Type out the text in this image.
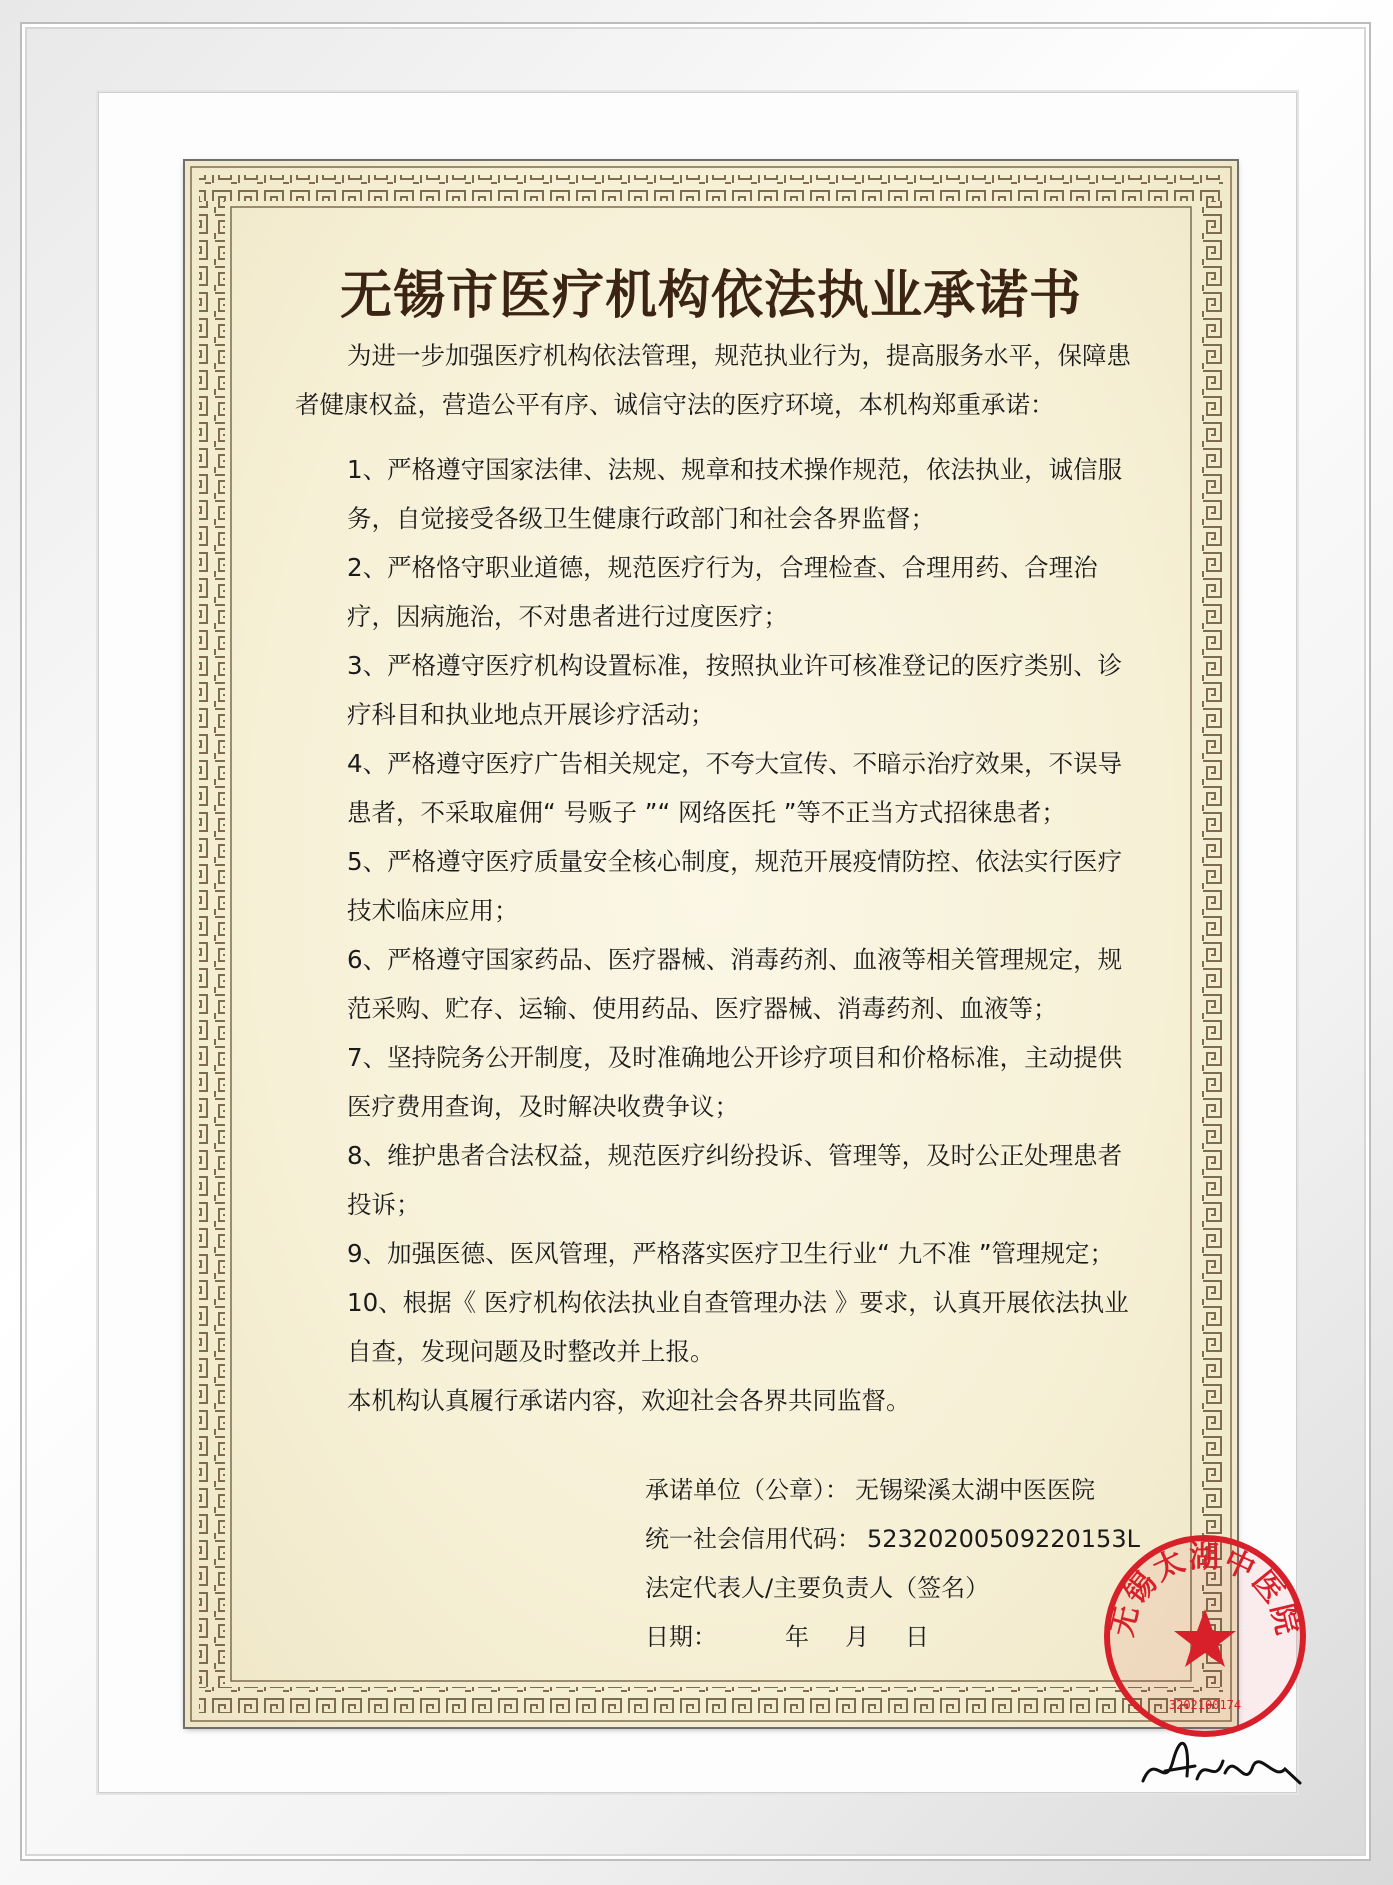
无锡市医疗机构依法执业承诺书

为进一步加强医疗机构依法管理，规范执业行为，提高服务水平，保障患者健康权益，营造公平有序、诚信守法的医疗环境，本机构郑重承诺：

1、严格遵守国家法律、法规、规章和技术操作规范，依法执业，诚信服务，自觉接受各级卫生健康行政部门和社会各界监督；
2、严格恪守职业道德，规范医疗行为，合理检查、合理用药、合理治疗，因病施治，不对患者进行过度医疗；
3、严格遵守医疗机构设置标准，按照执业许可核准登记的医疗类别、诊疗科目和执业地点开展诊疗活动；
4、严格遵守医疗广告相关规定，不夸大宣传、不暗示治疗效果，不误导患者，不采取雇佣“ 号贩子 ”“ 网络医托 ”等不正当方式招徕患者；
5、严格遵守医疗质量安全核心制度，规范开展疫情防控、依法实行医疗技术临床应用；
6、严格遵守国家药品、医疗器械、消毒药剂、血液等相关管理规定，规范采购、贮存、运输、使用药品、医疗器械、消毒药剂、血液等；
7、坚持院务公开制度，及时准确地公开诊疗项目和价格标准，主动提供医疗费用查询，及时解决收费争议；
8、维护患者合法权益，规范医疗纠纷投诉、管理等，及时公正处理患者投诉；
9、加强医德、医风管理，严格落实医疗卫生行业“ 九不准 ”管理规定；
10、根据《 医疗机构依法执业自查管理办法 》要求，认真开展依法执业自查，发现问题及时整改并上报。
本机构认真履行承诺内容，欢迎社会各界共同监督。
承诺单位（公章）： 无锡梁溪太湖中医医院
统一社会信用代码： 52320200509220153L
法定代表人/主要负责人（签名）
日期：	年 月 日	无锡太湖中医院
3202100174
